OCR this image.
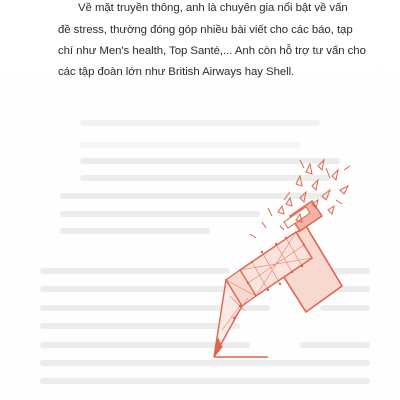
Về mặt truyền thông, anh là chuyên gia nổi bật về vấn
đề stress, thường đóng góp nhiều bài viết cho các báo, tạp
chí như Men's health, Top Santé,... Anh còn hỗ trợ tư vấn cho
các tập đoàn lớn như British Airways hay Shell.
